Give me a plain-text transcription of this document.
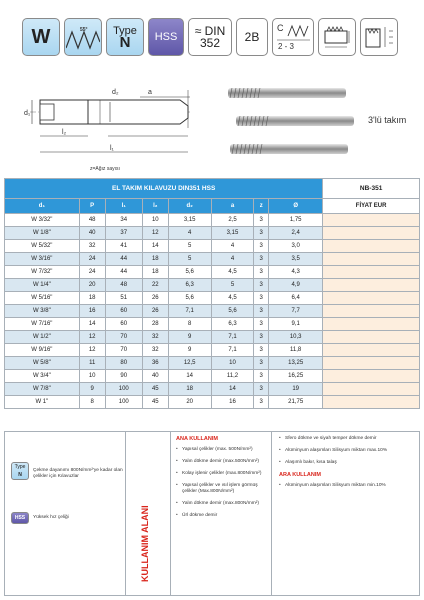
W	55° Type
N HSS ≈ DIN
352 2B
C
2 - 3
d₁
d₂	a
l₂
l₁
z=Ağız sayısı
3'lü takım
EL TAKIM KILAVUZU DIN351 HSS								NB-351
d₁	P	l₁	l₂	d₂	a	z	Ø	FİYAT EUR
W 3/32"	48	34	10	3,15	2,5	3	1,75	
W 1/8"	40	37	12	4	3,15	3	2,4	
W 5/32"	32	41	14	5	4	3	3,0	
W 3/16"	24	44	18	5	4	3	3,5	
W 7/32"	24	44	18	5,6	4,5	3	4,3	
W 1/4"	20	48	22	6,3	5	3	4,9	
W 5/16"	18	51	26	5,6	4,5	3	6,4	
W 3/8"	16	60	26	7,1	5,6	3	7,7	
W 7/16"	14	60	28	8	6,3	3	9,1	
W 1/2"	12	70	32	9	7,1	3	10,3	
W 9/16"	12	70	32	9	7,1	3	11,8	
W 5/8"	11	80	36	12,5	10	3	13,25	
W 3/4"	10	90	40	14	11,2	3	16,25	
W 7/8"	9	100	45	18	14	3	19	
W 1"	8	100	45	20	16	3	21,75	
Type
N
Çekme dayanımı 800N/mm²'ye kadar olan çelikler için Kılavuzlar
HSS	Yüksek hız çeliği	KULLANIM ALANI
ANA KULLANIM
• Yapısal çelikler (max. 500N/mm²)
• Yalın dökme demir (max.500N/mm²)
• Kolay işlenir çelikler (max.800N/mm²)
• Yapısal çelikler ve ısıl işlem görmüş çelikler (Max.800N/mm²)
• Yalın dökme demir (max.800N/mm²)
• Ürl dökme demir
• Sfero dökme ve siyah temper dökme demir
• Alüminyum alaşımları Silisyum miktarı max.10%
• Alaşımlı bakır, kısa talaş
ARA KULLANIM
• Alüminyum alaşımları Silisyum miktarı min.10%
